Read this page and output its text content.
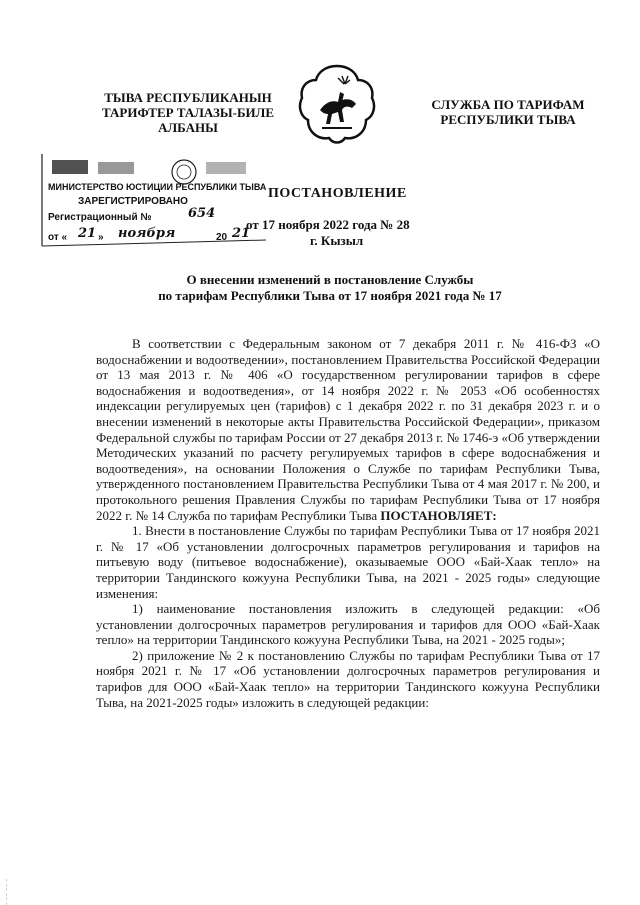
ТЫВА РЕСПУБЛИКАНЫН
ТАРИФТЕР ТАЛАЗЫ-БИЛЕ
АЛБАНЫ
СЛУЖБА ПО ТАРИФАМ
РЕСПУБЛИКИ ТЫВА
МИНИСТЕРСТВО ЮСТИЦИИ РЕСПУБЛИКИ ТЫВА
ЗАРЕГИСТРИРОВАНО
Регистрационный №	654
от « 21 » ноября	20 21
ПОСТАНОВЛЕНИЕ
от 17 ноября 2022 года № 28
г. Кызыл
О внесении изменений в постановление Службы
по тарифам Республики Тыва от 17 ноября 2021 года № 17

В соответствии с Федеральным законом от 7 декабря 2011 г. № 416-ФЗ «О водоснабжении и водоотведении», постановлением Правительства Российской Федерации от 13 мая 2013 г. № 406 «О государственном регулировании тарифов в сфере водоснабжения и водоотведения», от 14 ноября 2022 г. № 2053 «Об особенностях индексации регулируемых цен (тарифов) с 1 декабря 2022 г. по 31 декабря 2023 г. и о внесении изменений в некоторые акты Правительства Российской Федерации», приказом Федеральной службы по тарифам России от 27 декабря 2013 г. № 1746-э «Об утверждении Методических указаний по расчету регулируемых тарифов в сфере водоснабжения и водоотведения», на основании Положения о Службе по тарифам Республики Тыва, утвержденного постановлением Правительства Республики Тыва от 4 мая 2017 г. № 200, и протокольного решения Правления Службы по тарифам Республики Тыва от 17 ноября 2022 г. № 14 Служба по тарифам Республики Тыва ПОСТАНОВЛЯЕТ:

1. Внести в постановление Службы по тарифам Республики Тыва от 17 ноября 2021 г. № 17 «Об установлении долгосрочных параметров регулирования и тарифов на питьевую воду (питьевое водоснабжение), оказываемые ООО «Бай-Хаак тепло» на территории Тандинского кожууна Республики Тыва, на 2021 - 2025 годы» следующие изменения:

1) наименование постановления изложить в следующей редакции: «Об установлении долгосрочных параметров регулирования и тарифов для ООО «Бай-Хаак тепло» на территории Тандинского кожууна Республики Тыва, на 2021 - 2025 годы»;

2) приложение № 2 к постановлению Службы по тарифам Республики Тыва от 17 ноября 2021 г. № 17 «Об установлении долгосрочных параметров регулирования и тарифов для ООО «Бай-Хаак тепло» на территории Тандинского кожууна Республики Тыва, на 2021-2025 годы» изложить в следующей редакции:

¦
¦
¦
